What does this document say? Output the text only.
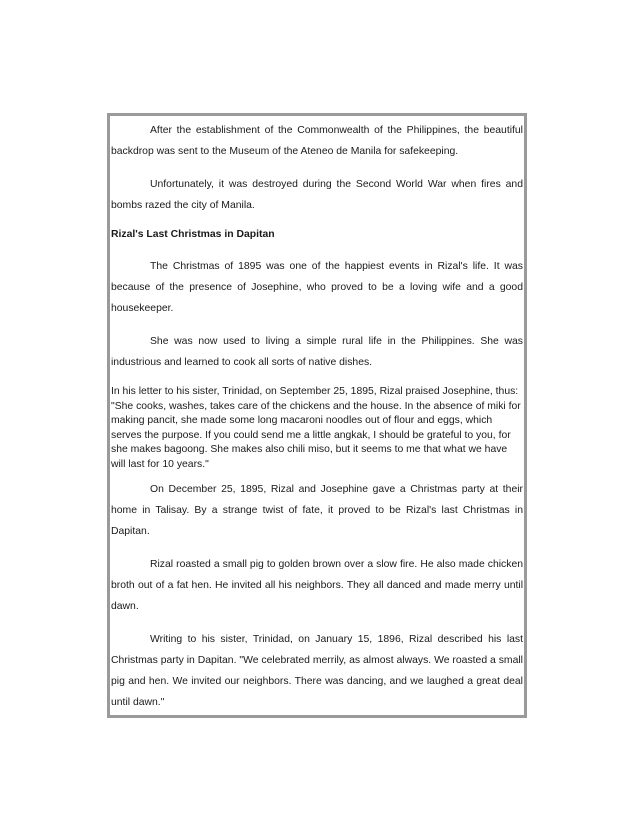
After the establishment of the Commonwealth of the Philippines, the beautiful backdrop was sent to the Museum of the Ateneo de Manila for safekeeping.

Unfortunately, it was destroyed during the Second World War when fires and bombs razed the city of Manila.

Rizal's Last Christmas in Dapitan

The Christmas of 1895 was one of the happiest events in Rizal's life. It was because of the presence of Josephine, who proved to be a loving wife and a good housekeeper.

She was now used to living a simple rural life in the Philippines. She was industrious and learned to cook all sorts of native dishes.

In his letter to his sister, Trinidad, on September 25, 1895, Rizal praised Josephine, thus: "She cooks, washes, takes care of the chickens and the house. In the absence of miki for making pancit, she made some long macaroni noodles out of flour and eggs, which serves the purpose. If you could send me a little angkak, I should be grateful to you, for she makes bagoong. She makes also chili miso, but it seems to me that what we have will last for 10 years."

On December 25, 1895, Rizal and Josephine gave a Christmas party at their home in Talisay. By a strange twist of fate, it proved to be Rizal's last Christmas in Dapitan.

Rizal roasted a small pig to golden brown over a slow fire. He also made chicken broth out of a fat hen. He invited all his neighbors. They all danced and made merry until dawn.

Writing to his sister, Trinidad, on January 15, 1896, Rizal described his last Christmas party in Dapitan. "We celebrated merrily, as almost always. We roasted a small pig and hen. We invited our neighbors. There was dancing, and we laughed a great deal until dawn."
